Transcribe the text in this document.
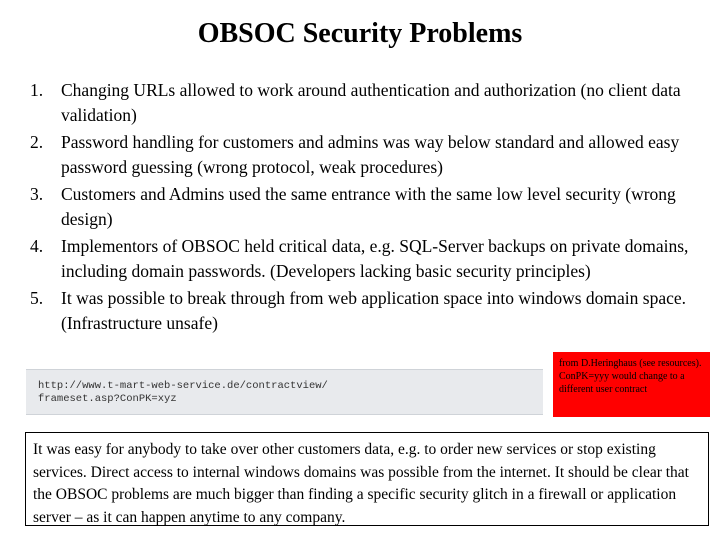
OBSOC Security Problems
1. Changing URLs allowed to work around authentication and authorization (no client data validation)
2. Password handling for customers and admins was way below standard and allowed easy password guessing (wrong protocol, weak procedures)
3. Customers and Admins used the same entrance with the same low level security (wrong design)
4. Implementors of OBSOC held critical data, e.g. SQL-Server backups on private domains, including domain passwords. (Developers lacking basic security principles)
5. It was possible to break through from web application space into windows domain space.(Infrastructure unsafe)
http://www.t-mart-web-service.de/contractview/
frameset.asp?ConPK=xyz
from D.Heringhaus (see resources). ConPK=yyy would change to a different user contract
It was easy for anybody to take over other customers data, e.g. to order new services or stop existing services. Direct access to internal windows domains was possible from the internet. It should be clear that the OBSOC problems are much bigger than finding a specific security glitch in a firewall or application server – as it can happen anytime to any company.
